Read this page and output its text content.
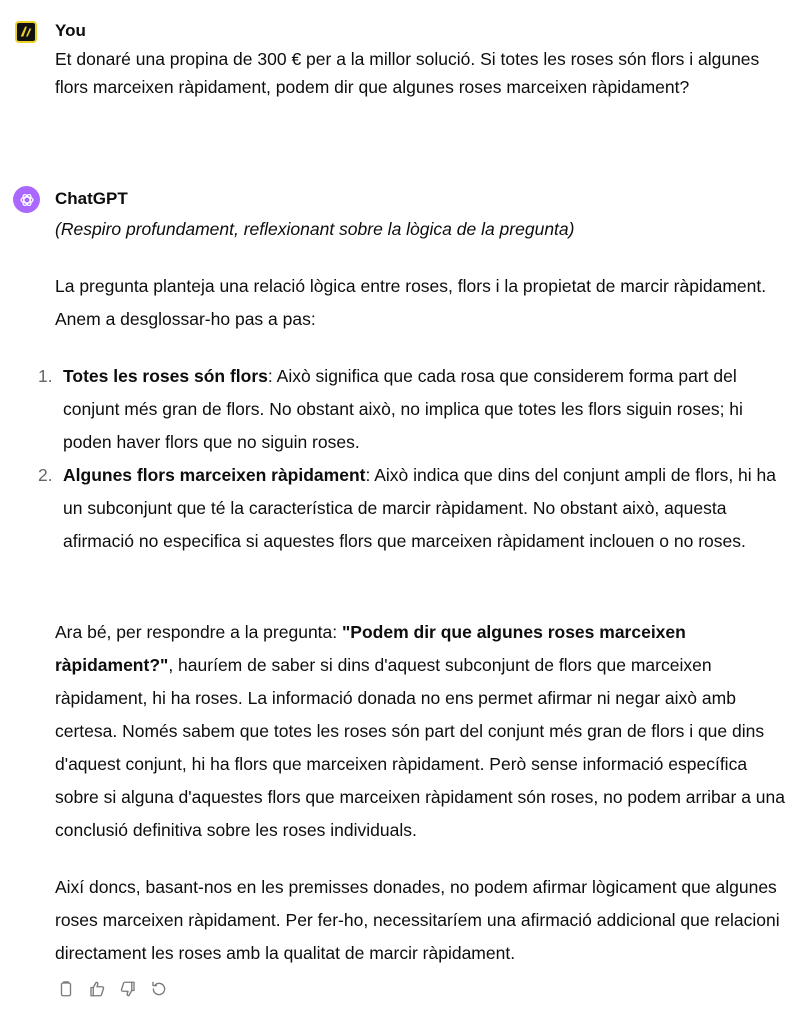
You

Et donaré una propina de 300 € per a la millor solució. Si totes les roses són flors i algunes flors marceixen ràpidament, podem dir que algunes roses marceixen ràpidament?

ChatGPT

(Respiro profundament, reflexionant sobre la lògica de la pregunta)

La pregunta planteja una relació lògica entre roses, flors i la propietat de marcir ràpidament. Anem a desglossar-ho pas a pas:

1. Totes les roses són flors: Això significa que cada rosa que considerem forma part del conjunt més gran de flors. No obstant això, no implica que totes les flors siguin roses; hi poden haver flors que no siguin roses.
2. Algunes flors marceixen ràpidament: Això indica que dins del conjunt ampli de flors, hi ha un subconjunt que té la característica de marcir ràpidament. No obstant això, aquesta afirmació no especifica si aquestes flors que marceixen ràpidament inclouen o no roses.

Ara bé, per respondre a la pregunta: "Podem dir que algunes roses marceixen ràpidament?", hauríem de saber si dins d'aquest subconjunt de flors que marceixen ràpidament, hi ha roses. La informació donada no ens permet afirmar ni negar això amb certesa. Només sabem que totes les roses són part del conjunt més gran de flors i que dins d'aquest conjunt, hi ha flors que marceixen ràpidament. Però sense informació específica sobre si alguna d'aquestes flors que marceixen ràpidament són roses, no podem arribar a una conclusió definitiva sobre les roses individuals.

Així doncs, basant-nos en les premisses donades, no podem afirmar lògicament que algunes roses marceixen ràpidament. Per fer-ho, necessitaríem una afirmació addicional que relacioni directament les roses amb la qualitat de marcir ràpidament.
